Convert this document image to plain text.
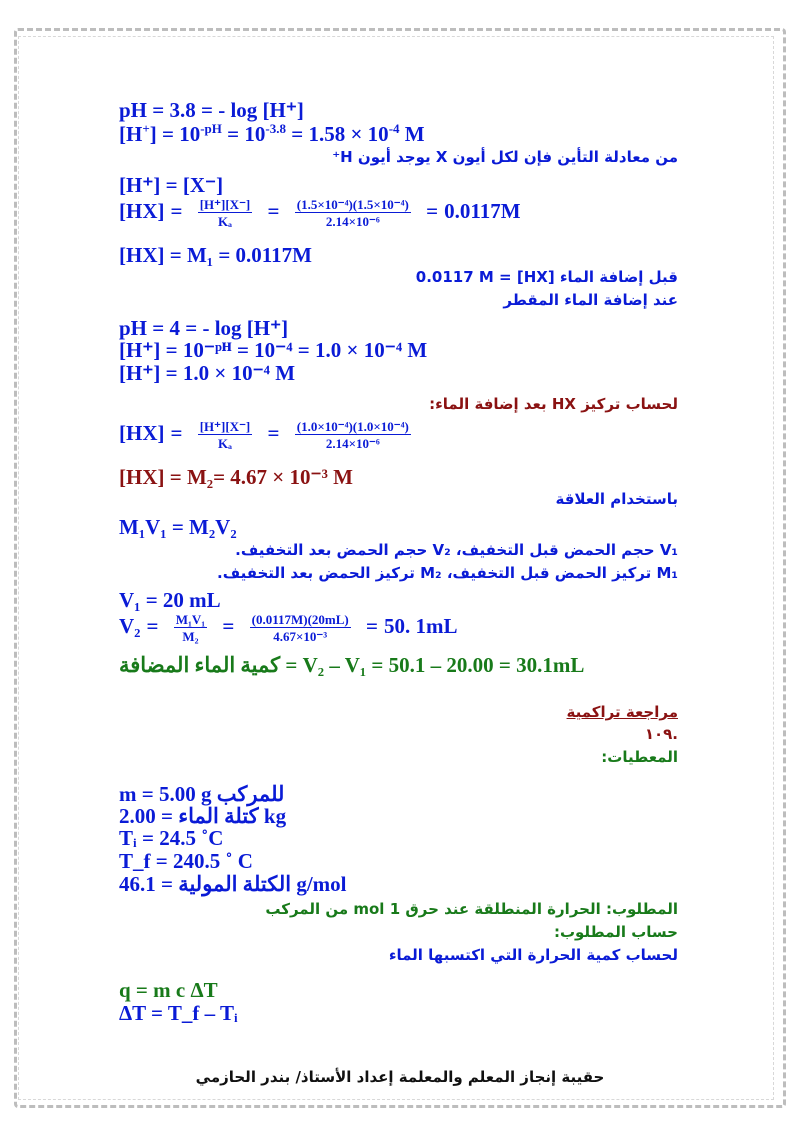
pH = 3.8 = - log [H⁺]
$[H^+] = 10^{-pH} = 10^{-3.8} = 1.58 \times 10^{-4}$ M
من معادلة التأين فإن لكل أيون X يوجد أيون H⁺
[H⁺] = [X⁻]
$[HX] = \frac{[H^+][X^-]}{\text{Kₐ}} = \frac{\text{(1.5×10⁻⁴)(1.5×10⁻⁴)}}{\text{2.14×10⁻⁶}} = 0.0117M$
[HX] = M₁ = 0.0117M
قبل إضافة الماء [HX] = 0.0117 M
عند إضافة الماء المقطر
pH = 4 = - log [H⁺]
[H⁺] = 10⁻ᵖᴴ = 10⁻⁴ = 1.0 × 10⁻⁴ M
[H⁺] = 1.0 × 10⁻⁴ M
لحساب تركيز HX بعد إضافة الماء:
$[HX] = \frac{[H^+][X^-]}{\text{Kₐ}} = \frac{\text{(1.0×10⁻⁴)(1.0×10⁻⁴)}}{\text{2.14×10⁻⁶}}$
[HX] = M₂= 4.67 × 10⁻³ M
باستخدام العلاقة
M₁V₁ = M₂V₂
V₁ حجم الحمض قبل التخفيف، V₂ حجم الحمض بعد التخفيف.
M₁ تركيز الحمض قبل التخفيف، M₂ تركيز الحمض بعد التخفيف.
V₁ = 20 mL
$V_2 = \frac{\text{M₁V₁}}{\text{M₂}} = \frac{(0.0117M)(20mL)}{\text{4.67×10⁻³}} = 50$. 1mL
كمية الماء المضافة = V₂ – V₁ = 50.1 – 20.00 = 30.1mL
مراجعة تراكمية
.١٠٩
المعطيات:
m = 5.00 g للمركب
كتلة الماء = 2.00 kg
Tᵢ = 24.5 ˚C
T_f = 240.5 ˚ C
الكتلة المولية = 46.1 g/mol
المطلوب: الحرارة المنطلقة عند حرق 1 mol من المركب
حساب المطلوب:
لحساب كمية الحرارة التي اكتسبها الماء
q = m c ΔT
ΔT = T_f – Tᵢ
حقيبة إنجاز المعلم والمعلمة إعداد الأستاذ/ بندر الحازمي
